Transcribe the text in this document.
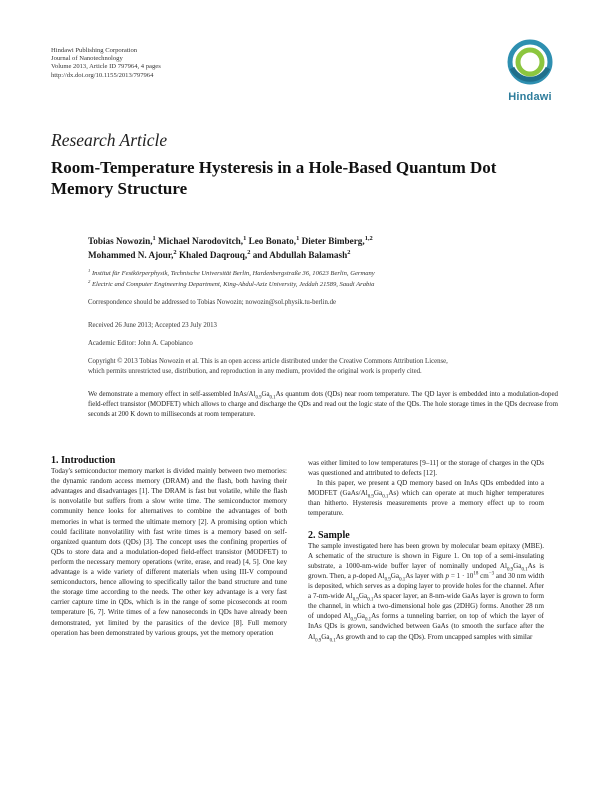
Hindawi Publishing Corporation
Journal of Nanotechnology
Volume 2013, Article ID 797964, 4 pages
http://dx.doi.org/10.1155/2013/797964
Hindawi
Research Article
Room-Temperature Hysteresis in a Hole-Based Quantum Dot
Memory Structure
Tobias Nowozin,$^1$ Michael Narodovitch,$^1$ Leo Bonato,$^1$ Dieter Bimberg,$^{1,2}$
Mohammed N. Ajour,$^2$ Khaled Daqrouq,$^2$ and Abdullah Balamash$^2$
$^1$ Institut für Festkörperphysik, Technische Universität Berlin, Hardenbergstraße 36, 10623 Berlin, Germany
$^2$ Electric and Computer Engineering Department, King-Abdul-Aziz University, Jeddah 21589, Saudi Arabia
Correspondence should be addressed to Tobias Nowozin; nowozin@sol.physik.tu-berlin.de
Received 26 June 2013; Accepted 23 July 2013
Academic Editor: John A. Capobianco
Copyright © 2013 Tobias Nowozin et al. This is an open access article distributed under the Creative Commons Attribution License,
which permits unrestricted use, distribution, and reproduction in any medium, provided the original work is properly cited.
We demonstrate a memory effect in self-assembled InAs/$Al_{0.9}Ga_{0.1}As$ quantum dots (QDs) near room temperature. The QD layer is embedded into a modulation-doped field-effect transistor (MODFET) which allows to charge and discharge the QDs and read out the logic state of the QDs. The hole storage times in the QDs decrease from seconds at 200 K down to milliseconds at room temperature.

1. Introduction

Today's semiconductor memory market is divided mainly between two memories: the dynamic random access memory (DRAM) and the flash, both having their advantages and disadvantages [1]. The DRAM is fast but volatile, while the flash is nonvolatile but suffers from a slow write time. The semiconductor memory community hence looks for alternatives to combine the advantages of both memories in what is termed the ultimate memory [2]. A promising option which could facilitate nonvolatility with fast write times is a memory based on self-organized quantum dots (QDs) [3]. The concept uses the confining properties of QDs to store data and a modulation-doped field-effect transistor (MODFET) to perform the necessary memory operations (write, erase, and read) [4, 5]. One key advantage is a wide variety of different materials when using III-V compound semiconductors, hence allowing to specifically tailor the band structure and tune the storage time according to the needs. The other key advantage is a very fast carrier capture time in QDs, which is in the range of some picoseconds at room temperature [6, 7]. Write times of a few nanoseconds in QDs have already been demonstrated, yet limited by the parasitics of the device [8]. Full memory operation has been demonstrated by various groups, yet the memory operation

was either limited to low temperatures [9–11] or the storage of charges in the QDs was questioned and attributed to defects [12].

In this paper, we present a QD memory based on InAs QDs embedded into a MODFET $(GaAs/Al_{0.9}Ga_{0.1}As)$ which can operate at much higher temperatures than hitherto. Hysteresis measurements prove a memory effect up to room temperature.

2. Sample

The sample investigated here has been grown by molecular beam epitaxy (MBE). A schematic of the structure is shown in Figure 1. On top of a semi-insulating substrate, a 1000-nm-wide buffer layer of nominally undoped $Al_{0.9}Ga_{0.1}As$ is grown. Then, a p-doped $Al_{0.9}Ga_{0.1}As$ layer with $p = 1 \cdot 10^{18}$ $cm^{-3}$ and 30 nm width is deposited, which serves as a doping layer to provide holes for the channel. After a 7-nm-wide $Al_{0.9}Ga_{0.1}As$ spacer layer, an 8-nm-wide GaAs layer is grown to form the channel, in which a two-dimensional hole gas (2DHG) forms. Another 28 nm of undoped $Al_{0.9}Ga_{0.1}As$ forms a tunneling barrier, on top of which the layer of InAs QDs is grown, sandwiched between GaAs (to smooth the surface after the $Al_{0.9}Ga_{0.1}As$ growth and to cap the QDs). From uncapped samples with similar
